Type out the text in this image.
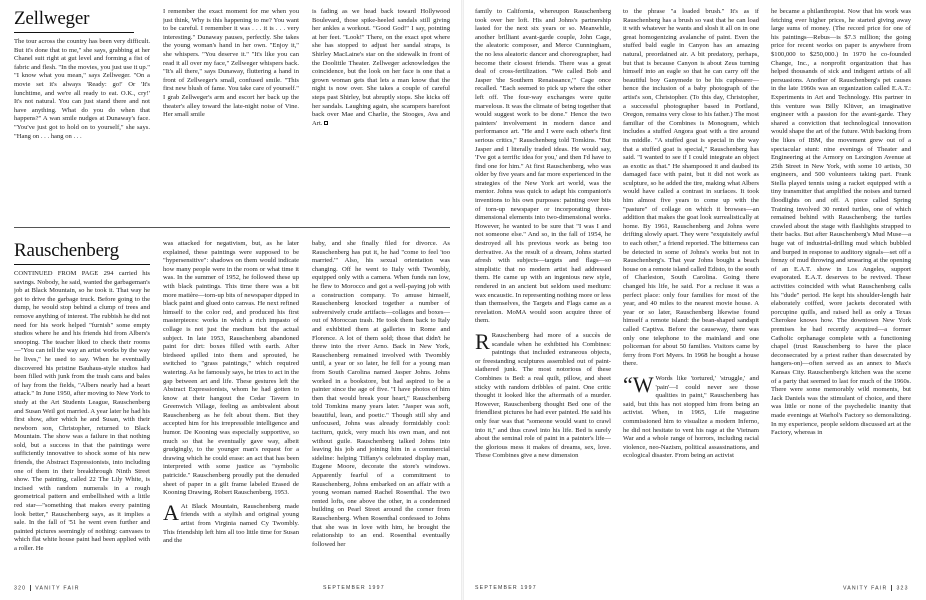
Zellweger

The tour across the country has been very difficult. But it's done that to me," she says, grabbing at her Chanel suit right at gut level and forming a fist of fabric and flesh. "In the movies, you just use it up." "I know what you mean," says Zellweger. "On a movie set it's always 'Ready: go!' Or 'It's lunchtime, and we're all ready to eat. O.K., cry!' It's not natural. You can just stand there and not have anything. What do you do when that happens?" A wan smile nudges at Dunaway's face. "You've just got to hold on to yourself," she says. "Hang on . . . hang on . . .

I remember the exact moment for me when you just think, Why is this happening to me? You want to be careful. I remember it was . . . it is . . . very interesting." Dunaway pauses, perfectly. She takes the young woman's hand in her own. "Enjoy it," she whispers. "You deserve it." "It's like you can read it all over my face," Zellweger whispers back. "It's all there," says Dunaway, fluttering a hand in front of Zellweger's small, confused smile. "This first new blush of fame. You take care of yourself." I grab Zellweger's arm and escort her back up the theater's alley toward the late-night noise of Vine. Her small smile

is fading as we head back toward Hollywood Boulevard, those spike-heeled sandals still giving her ankles a workout. "Good God!" I say, pointing at her feet. "Look!" There, on the exact spot where she has stopped to adjust her sandal straps, is Shirley MacLaine's star on the sidewalk in front of the Doolittle Theater. Zellweger acknowledges the coincidence, but the look on her face is one that a grown woman gets that lets a man know that the night is now over. She takes a couple of careful steps past Shirley, but abruptly stops. She kicks off her sandals. Laughing again, she scampers barefoot back over Mae and Charlie, the Stooges, Ava and Art.

Rauschenberg

CONTINUED FROM PAGE 294 carried his savings. Nobody, he said, wanted the garbageman's job at Black Mountain, so he took it. That way he got to drive the garbage truck. Before going to the dump, he would stop behind a clump of trees and remove anything of interest. The rubbish he did not need for his work helped "furnish" some empty studios where he and his friends hid from Albers's snooping. The teacher liked to check their rooms—"You can tell the way an artist works by the way he lives," he used to say. When he eventually discovered his pristine Bauhaus-style studios had been filled with junk from the trash cans and bales of hay from the fields, "Albers nearly had a heart attack." In June 1950, after moving to New York to study at the Art Students League, Rauschenberg and Susan Weil got married. A year later he had his first show, after which he and Susan, with their newborn son, Christopher, returned to Black Mountain. The show was a failure in that nothing sold, but a success in that the paintings were sufficiently innovative to shock some of his new friends, the Abstract Expressionists, into including one of them in their breakthrough Ninth Street show. The painting, called 22 The Lily White, is incised with random numerals in a rough geometrical pattern and embellished with a little red star—"something that makes every painting look better," Rauschenberg says, as it implies a sale. In the fall of '51 he went even further and painted pictures seemingly of nothing: canvases to which flat white house paint had been applied with a roller. He

was attacked for negativism, but, as he later explained, these paintings were supposed to be "hypersensitive": shadows on them would indicate how many people were in the room or what time it was. In the summer of 1952, he followed these up with black paintings. This time there was a bit more matière—torn-up bits of newspaper dipped in black paint and glued onto canvas. He next refined himself to the color red, and produced his first masterpieces: works in which a rich impasto of collage is not just the medium but the actual subject. In late 1953, Rauschenberg abandoned paint for dirt: boxes filled with earth. After birdseed spilled into them and sprouted, he switched to "grass paintings," which required watering. As he famously says, he tries to act in the gap between art and life. These gestures left the Abstract Expressionists, whom he had gotten to know at their hangout the Cedar Tavern in Greenwich Village, feeling as ambivalent about Rauschenberg as he felt about them. But they accepted him for his irrepressible intelligence and humor. De Kooning was especially supportive, so much so that he eventually gave way, albeit grudgingly, to the younger man's request for a drawing which he could erase: an act that has been interpreted with some justice as "symbolic patricide." Rauschenberg proudly put the denuded sheet of paper in a gilt frame labeled Erased de Kooning Drawing, Robert Rauschenberg, 1953.

A At Black Mountain, Rauschenberg made friends with a stylish and original young artist from Virginia named Cy Twombly. This friendship left him all too little time for Susan and the

baby, and she finally filed for divorce. As Rauschenberg has put it, he had "come to feel 'too married.'" Also, his sexual orientation was changing. Off he went to Italy with Twombly, equipped only with a camera. When funds ran low, he flew to Morocco and got a well-paying job with a construction company. To amuse himself, Rauschenberg knocked together a number of subversively crude artifacts—collages and boxes—out of Moroccan trash. He took them back to Italy and exhibited them at galleries in Rome and Florence. A lot of them sold; those that didn't he threw into the river Arno. Back in New York, Rauschenberg remained involved with Twombly until, a year or so later, he fell for a young man from South Carolina named Jasper Johns. Johns worked in a bookstore, but had aspired to be a painter since the age of five. "I have photos of him then that would break your heart," Rauschenberg told Tomkins many years later. "Jasper was soft, beautiful, lean, and poetic." Though still shy and unfocused, Johns was already formidably cool: taciturn, quick, very much his own man, and not without guile. Rauschenberg talked Johns into leaving his job and joining him in a commercial sideline: helping Tiffany's celebrated display man, Eugene Moore, decorate the store's windows. Apparently fearful of a commitment to Rauschenberg, Johns embarked on an affair with a young woman named Rachel Rosenthal. The two rented lofts, one above the other, in a condemned building on Pearl Street around the corner from Rauschenberg. When Rosenthal confessed to Johns that she was in love with him, he brought the relationship to an end. Rosenthal eventually followed her

320 VANITY FAIR	SEPTEMBER 1997

family to California, whereupon Rauschenberg took over her loft. His and Johns's partnership lasted for the next six years or so. Meanwhile, another brilliant avant-garde couple, John Cage, the aleatoric composer, and Merce Cunningham, the no less aleatoric dancer and choreographer, had become their closest friends. There was a great deal of cross-fertilization. "We called Bob and Jasper 'the Southern Renaissance,'" Cage once recalled. "Each seemed to pick up where the other left off. The four-way exchanges were quite marvelous. It was the climate of being together that would suggest work to be done." Hence the two painters' involvement in modern dance and performance art. "He and I were each other's first serious critics," Rauschenberg told Tomkins. "But Jasper and I literally traded ideas. He would say, 'I've got a terrific idea for you,' and then I'd have to find one for him." At first Rauschenberg, who was older by five years and far more experienced in the strategies of the New York art world, was the mentor. Johns was quick to adapt his companion's inventions to his own purposes: painting over bits of torn-up newspaper or incorporating three-dimensional elements into two-dimensional works. However, he wanted to be sure that "I was I and not someone else." And so, in the fall of 1954, he destroyed all his previous work as being too derivative. As the result of a dream, Johns started afresh with subjects—targets and flags—so simplistic that no modern artist had addressed them. He came up with an ingenious new style, rendered in an ancient but seldom used medium: wax encaustic. In representing nothing more or less than themselves, the Targets and Flags came as a revelation. MoMA would soon acquire three of them.

R Rauschenberg had more of a succès de scandale when he exhibited his Combines: paintings that included extraneous objects, or freestanding sculptures assembled out of paint-slathered junk. The most notorious of these Combines is Bed: a real quilt, pillow, and sheet sticky with random dribbles of paint. One critic thought it looked like the aftermath of a murder. However, Rauschenberg thought Bed one of the friendliest pictures he had ever painted. He said his only fear was that "someone would want to crawl into it," and thus crawl into his life. Bed is surely about the seminal role of paint in a painter's life—the glorious mess it makes of dreams, sex, love. These Combines give a new dimension

to the phrase "a loaded brush." It's as if Rauschenberg has a brush so vast that he can load it with whatever he wants and slosh it all on in one great homogenizing avalanche of paint. Even the stuffed bald eagle in Canyon has an amazing natural, preordained air. A bit predatory, perhaps, but that is because Canyon is about Zeus turning himself into an eagle so that he can carry off the beautiful boy Ganymede to be his cupbearer—hence the inclusion of a baby photograph of the artist's son, Christopher. (To this day, Christopher, a successful photographer based in Portland, Oregon, remains very close to his father.) The most familiar of the Combines is Monogram, which includes a stuffed Angora goat with a tire around its middle. "A stuffed goat is special in the way that a stuffed goat is special," Rauschenberg has said. "I wanted to see if I could integrate an object as exotic as that." He shampooed it and daubed its damaged face with paint, but it did not work as sculpture, so he added the tire, making what Albers would have called a contrast in surfaces. It took him almost five years to come up with the "pasture" of collage on which it browses—an addition that makes the goat look surrealistically at home. By 1961, Rauschenberg and Johns were drifting slowly apart. They were "exquisitely awful to each other," a friend reported. The bitterness can be detected in some of Johns's works but not in Rauschenberg's. That year Johns bought a beach house on a remote island called Edisto, to the south of Charleston, South Carolina. Going there changed his life, he said. For a recluse it was a perfect place: only four families for most of the year, and 40 miles to the nearest movie house. A year or so later, Rauschenberg likewise found himself a remote island: the bean-shaped sandspit called Captiva. Before the causeway, there was only one telephone to the mainland and one policeman for about 50 families. Visitors came by ferry from Fort Myers. In 1968 he bought a house there.

“W Words like 'tortured,' 'struggle,' and 'pain'—I could never see those qualities in paint," Rauschenberg has said, but this has not stopped him from being an activist. When, in 1965, Life magazine commissioned him to visualize a modern Inferno, he did not hesitate to vent his rage at the Vietnam War and a whole range of horrors, including racial violence, neo-Nazism, political assassinations, and ecological disaster. From being an activist

he became a philanthropist. Now that his work was fetching ever higher prices, he started giving away large sums of money. (The record price for one of his paintings—Rebus—is $7.3 million; the going price for recent works on paper is anywhere from $100,000 to $250,000.) In 1970 he co-founded Change, Inc., a nonprofit organization that has helped thousands of sick and indigent artists of all persuasions. Another of Rauschenberg's pet causes in the late 1960s was an organization called E.A.T.: Experiments in Art and Technology. His partner in this venture was Billy Klüver, an imaginative engineer with a passion for the avant-garde. They shared a conviction that technological innovation would shape the art of the future. With backing from the likes of IBM, the movement grew out of a spectacular stunt: nine evenings of Theater and Engineering at the Armory on Lexington Avenue at 25th Street in New York, with some 10 artists, 30 engineers, and 500 volunteers taking part. Frank Stella played tennis using a racket equipped with a tiny transmitter that amplified the noises and turned floodlights on and off. A piece called Spring Training involved 30 rented turtles, one of which remained behind with Rauschenberg; the turtles crawled about the stage with flashlights strapped to their backs. But after Rauschenberg's Mud Muse—a huge vat of industrial-drilling mud which bubbled and burped in response to auditory signals—set off a frenzy of mud throwing and smearing at the opening of an E.A.T. show in Los Angeles, support evaporated. E.A.T. deserves to be revived. These activities coincided with what Rauschenberg calls his "dude" period. He kept his shoulder-length hair elaborately coiffed, wore jackets decorated with porcupine quills, and raised hell as only a Texas Cherokee knows how. The downtown New York premises he had recently acquired—a former Catholic orphanage complete with a functioning chapel (trust Rauschenberg to have the place deconsecrated by a priest rather than desecrated by hangers-on)—often served as an annex to Max's Kansas City. Rauschenberg's kitchen was the scene of a party that seemed to last for much of the 1960s. There were some memorably wild moments, but Jack Daniels was the stimulant of choice, and there was little or none of the psychedelic inanity that made evenings at Warhol's Factory so demoralizing. In my experience, people seldom discussed art at the Factory, whereas in

SEPTEMBER 1997	VANITY FAIR 323
